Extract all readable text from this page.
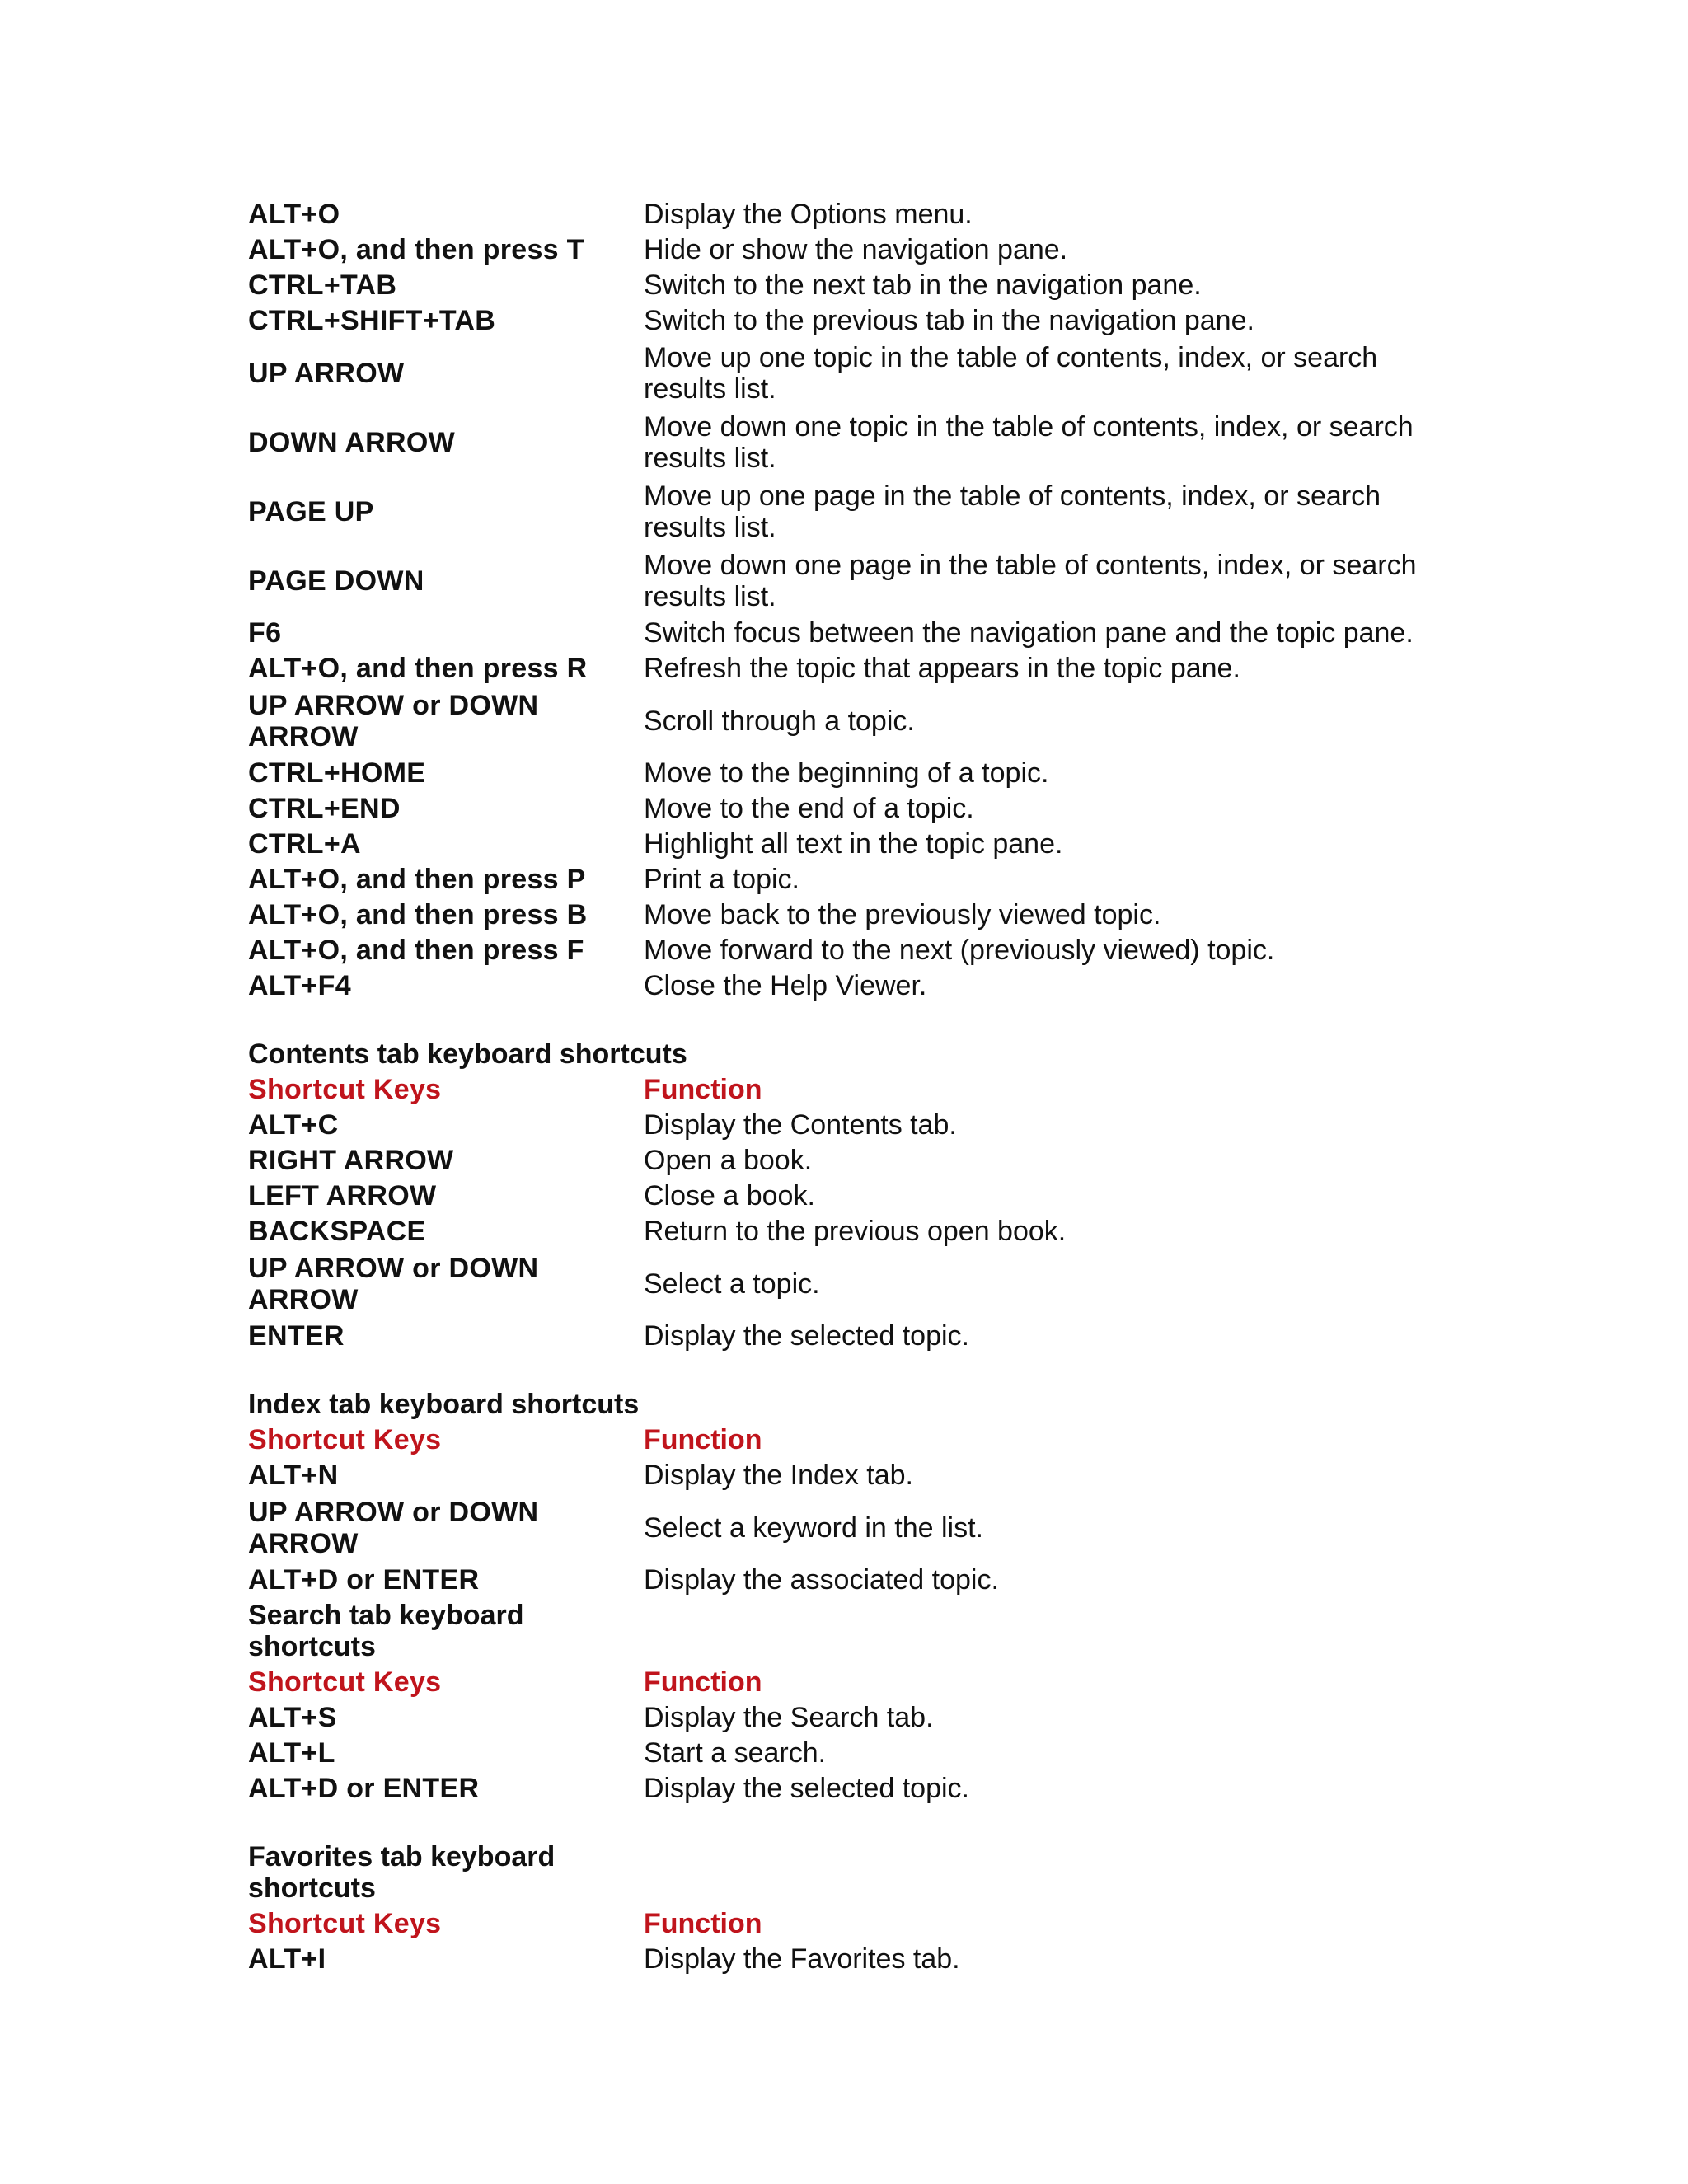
ALT+O	Display the Options menu.
ALT+O, and then press T	Hide or show the navigation pane.
CTRL+TAB	Switch to the next tab in the navigation pane.
CTRL+SHIFT+TAB	Switch to the previous tab in the navigation pane.
UP ARROW	Move up one topic in the table of contents, index, or search results list.
DOWN ARROW	Move down one topic in the table of contents, index, or search results list.
PAGE UP	Move up one page in the table of contents, index, or search results list.
PAGE DOWN	Move down one page in the table of contents, index, or search results list.
F6	Switch focus between the navigation pane and the topic pane.
ALT+O, and then press R	Refresh the topic that appears in the topic pane.
UP ARROW or DOWN ARROW	Scroll through a topic.
CTRL+HOME	Move to the beginning of a topic.
CTRL+END	Move to the end of a topic.
CTRL+A	Highlight all text in the topic pane.
ALT+O, and then press P	Print a topic.
ALT+O, and then press B	Move back to the previously viewed topic.
ALT+O, and then press F	Move forward to the next (previously viewed) topic.
ALT+F4	Close the Help Viewer.
Contents tab keyboard shortcuts
Shortcut Keys	Function
ALT+C	Display the Contents tab.
RIGHT ARROW	Open a book.
LEFT ARROW	Close a book.
BACKSPACE	Return to the previous open book.
UP ARROW or DOWN ARROW	Select a topic.
ENTER	Display the selected topic.
Index tab keyboard shortcuts
Shortcut Keys	Function
ALT+N	Display the Index tab.
UP ARROW or DOWN ARROW	Select a keyword in the list.
ALT+D or ENTER	Display the associated topic.
Search tab keyboard shortcuts
Shortcut Keys	Function
ALT+S	Display the Search tab.
ALT+L	Start a search.
ALT+D or ENTER	Display the selected topic.
Favorites tab keyboard shortcuts
Shortcut Keys	Function
ALT+I	Display the Favorites tab.
